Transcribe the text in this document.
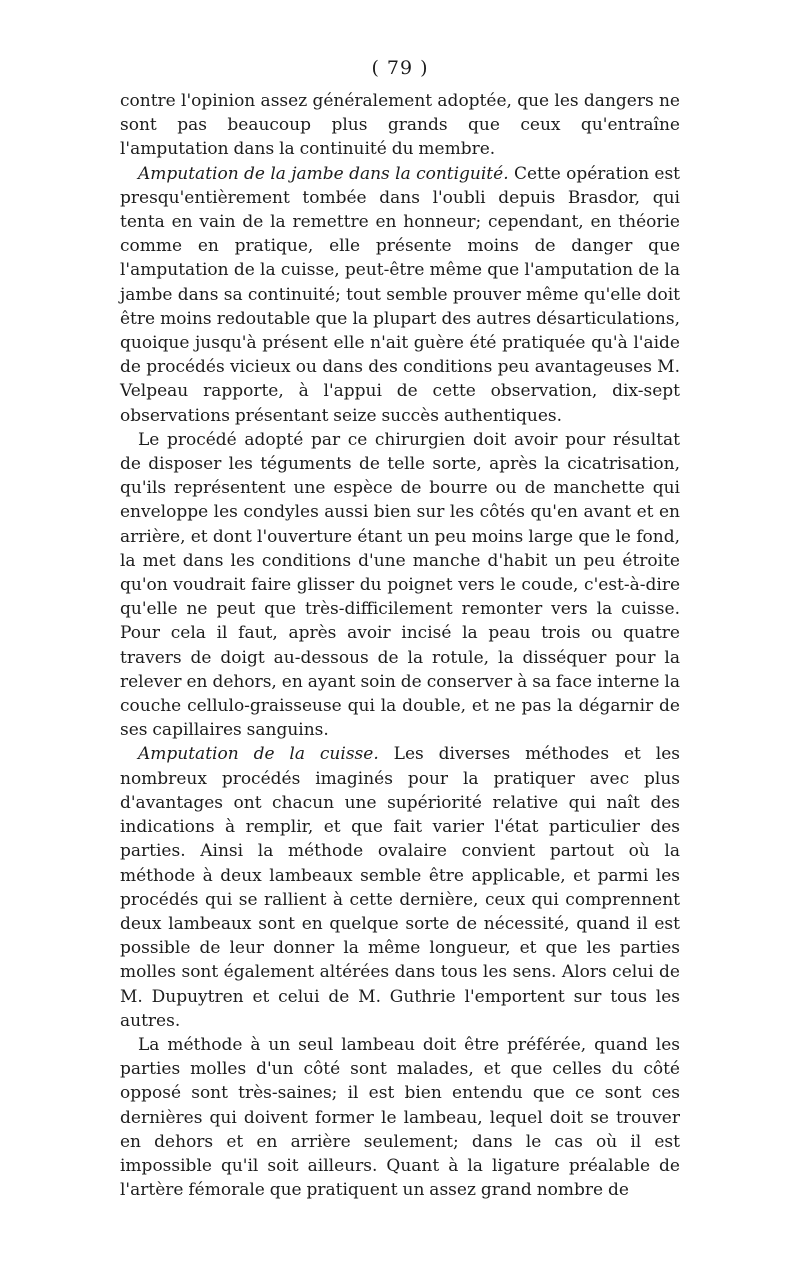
( 79 )

contre l'opinion assez généralement adoptée, que les dangers ne sont pas beaucoup plus grands que ceux qu'entraîne l'amputation dans la continuité du membre.

Amputation de la jambe dans la contiguité. Cette opération est presqu'entièrement tombée dans l'oubli depuis Brasdor, qui tenta en vain de la remettre en honneur; cependant, en théorie comme en pratique, elle présente moins de danger que l'amputation de la cuisse, peut-être même que l'amputation de la jambe dans sa continuité; tout semble prouver même qu'elle doit être moins redoutable que la plupart des autres désarticulations, quoique jusqu'à présent elle n'ait guère été pratiquée qu'à l'aide de procédés vicieux ou dans des conditions peu avantageuses M. Velpeau rapporte, à l'appui de cette observation, dix-sept observations présentant seize succès authentiques.

Le procédé adopté par ce chirurgien doit avoir pour résultat de disposer les téguments de telle sorte, après la cicatrisation, qu'ils représentent une espèce de bourre ou de manchette qui enveloppe les condyles aussi bien sur les côtés qu'en avant et en arrière, et dont l'ouverture étant un peu moins large que le fond, la met dans les conditions d'une manche d'habit un peu étroite qu'on voudrait faire glisser du poignet vers le coude, c'est-à-dire qu'elle ne peut que très-difficilement remonter vers la cuisse. Pour cela il faut, après avoir incisé la peau trois ou quatre travers de doigt au-dessous de la rotule, la disséquer pour la relever en dehors, en ayant soin de conserver à sa face interne la couche cellulo-graisseuse qui la double, et ne pas la dégarnir de ses capillaires sanguins.

Amputation de la cuisse. Les diverses méthodes et les nombreux procédés imaginés pour la pratiquer avec plus d'avantages ont chacun une supériorité relative qui naît des indications à remplir, et que fait varier l'état particulier des parties. Ainsi la méthode ovalaire convient partout où la méthode à deux lambeaux semble être applicable, et parmi les procédés qui se rallient à cette dernière, ceux qui comprennent deux lambeaux sont en quelque sorte de nécessité, quand il est possible de leur donner la même longueur, et que les parties molles sont également altérées dans tous les sens. Alors celui de M. Dupuytren et celui de M. Guthrie l'emportent sur tous les autres.

La méthode à un seul lambeau doit être préférée, quand les parties molles d'un côté sont malades, et que celles du côté opposé sont très-saines; il est bien entendu que ce sont ces dernières qui doivent former le lambeau, lequel doit se trouver en dehors et en arrière seulement; dans le cas où il est impossible qu'il soit ailleurs. Quant à la ligature préalable de l'artère fémorale que pratiquent un assez grand nombre de
